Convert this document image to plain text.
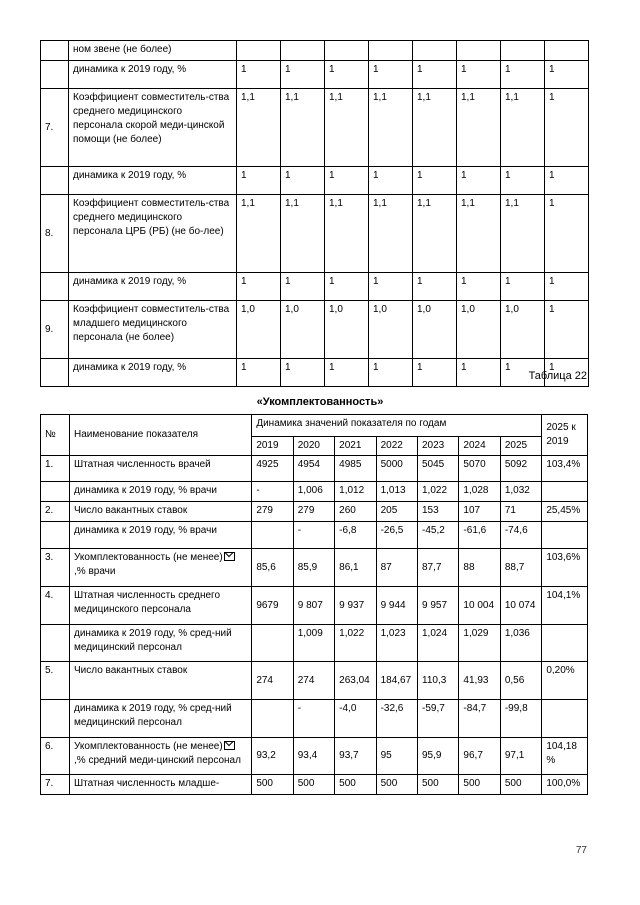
	ном звене (не более)								
	динамика к 2019 году, %	1	1	1	1	1	1	1	1
7.	Коэффициент совместитель-ства среднего медицинского персонала скорой меди-цинской помощи (не более)	1,1	1,1	1,1	1,1	1,1	1,1	1,1	1
	динамика к 2019 году, %	1	1	1	1	1	1	1	1
8.	Коэффициент совместитель-ства среднего медицинского персонала ЦРБ (РБ) (не бо-лее)	1,1	1,1	1,1	1,1	1,1	1,1	1,1	1
	динамика к 2019 году, %	1	1	1	1	1	1	1	1
9.	Коэффициент совместитель-ства младшего медицинского персонала (не более)	1,0	1,0	1,0	1,0	1,0	1,0	1,0	1
	динамика к 2019 году, %	1	1	1	1	1	1	1	1
Таблица 22
«Укомплектованность»
№	Наименование показателя	Динамика значений показателя по годам							2025 к 2019
		2019	2020	2021	2022	2023	2024	2025	
1.	Штатная численность врачей	4925	4954	4985	5000	5045	5070	5092	103,4%
	динамика к 2019 году, % врачи	-	1,006	1,012	1,013	1,022	1,028	1,032	
2.	Число вакантных ставок	279	279	260	205	153	107	71	25,45%
	динамика к 2019 году, % врачи		-	-6,8	-26,5	-45,2	-61,6	-74,6	
3.	Укомплектованность (не менее),% врачи	85,6	85,9	86,1	87	87,7	88	88,7	103,6%
4.	Штатная численность среднего медицинского персонала	9679	9 807	9 937	9 944	9 957	10 004	10 074	104,1%
	динамика к 2019 году, % сред-ний медицинский персонал		1,009	1,022	1,023	1,024	1,029	1,036	
5.	Число вакантных ставок	274	274	263,04	184,67	110,3	41,93	0,56	0,20%
	динамика к 2019 году, % сред-ний медицинский персонал		-	-4,0	-32,6	-59,7	-84,7	-99,8	
6.	Укомплектованность (не менее),% средний меди-цинский персонал	93,2	93,4	93,7	95	95,9	96,7	97,1	104,18 %
7.	Штатная численность младше-	500	500	500	500	500	500	500	100,0%
77
